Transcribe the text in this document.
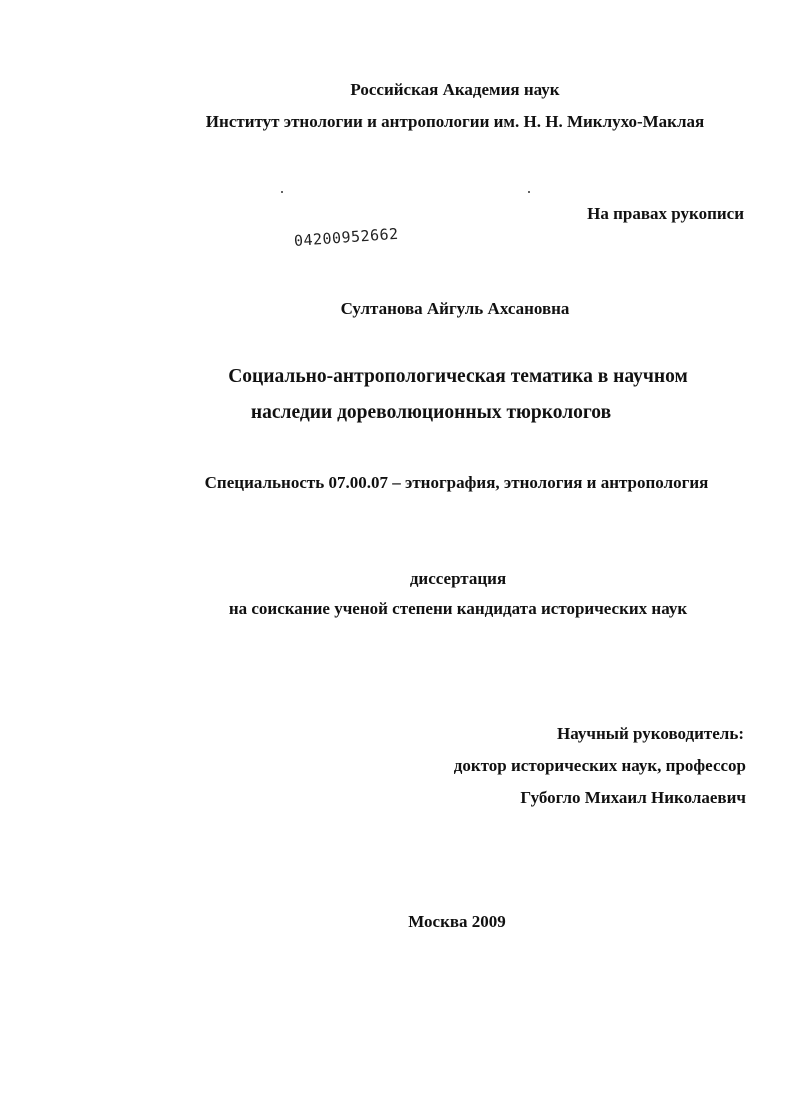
Российская Академия наук

Институт этнологии и антропологии им. Н. Н. Миклухо-Маклая

На правах рукописи

04200952662

Султанова Айгуль Ахсановна

Социально-антропологическая тематика в научном

наследии дореволюционных тюркологов

Специальность 07.00.07 – этнография, этнология и антропология

диссертация

на соискание ученой степени кандидата исторических наук

Научный руководитель:

доктор исторических наук, профессор

Губогло Михаил Николаевич

Москва 2009
